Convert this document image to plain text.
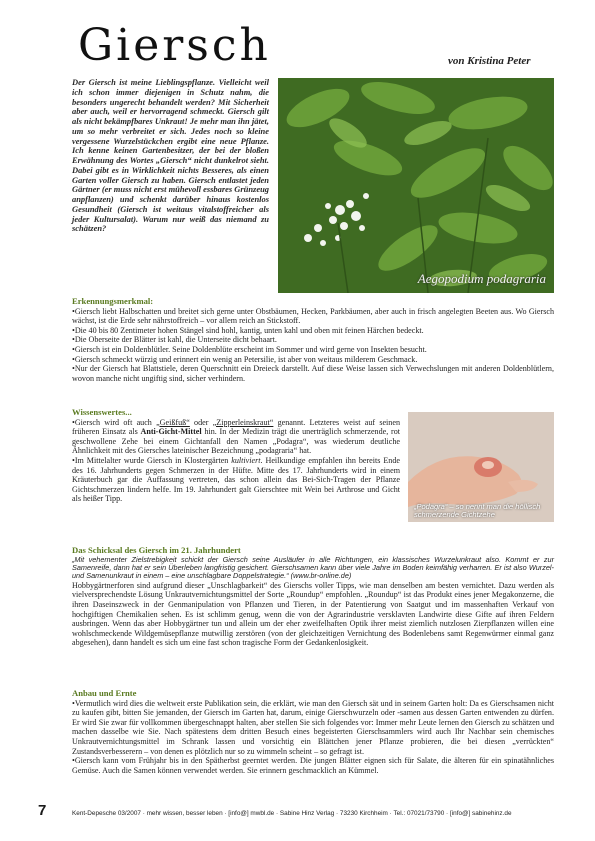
Giersch	von Kristina Peter
Der Giersch ist meine Lieblingspflanze. Vielleicht weil ich schon immer diejenigen in Schutz nahm, die besonders ungerecht behandelt werden? Mit Sicherheit aber auch, weil er hervorragend schmeckt. Giersch gilt als nicht bekämpfbares Unkraut! Je mehr man ihn jätet, um so mehr verbreitet er sich. Jedes noch so kleine vergessene Wurzelstückchen ergibt eine neue Pflanze. Ich kenne keinen Gartenbesitzer, der bei der bloßen Erwähnung des Wortes „Giersch“ nicht dunkelrot sieht. Dabei gibt es in Wirklichkeit nichts Besseres, als einen Garten voller Giersch zu haben. Giersch entlastet jeden Gärtner (er muss nicht erst mühevoll essbares Grünzeug anpflanzen) und schenkt darüber hinaus kostenlos Gesundheit (Giersch ist weitaus vitalstoffreicher als jeder Kultursalat). Warum nur weiß das niemand zu schätzen?
Aegopodium podagraria
Erkennungsmerkmal:

•Giersch liebt Halbschatten und breitet sich gerne unter Obstbäumen, Hecken, Parkbäumen, aber auch in frisch angelegten Beeten aus. Wo Giersch wächst, ist die Erde sehr nährstoffreich – vor allem reich an Stickstoff.

•Die 40 bis 80 Zentimeter hohen Stängel sind hohl, kantig, unten kahl und oben mit feinen Härchen bedeckt.

•Die Oberseite der Blätter ist kahl, die Unterseite dicht behaart.

•Giersch ist ein Doldenblütler. Seine Doldenblüte erscheint im Sommer und wird gerne von Insekten besucht.

•Giersch schmeckt würzig und erinnert ein wenig an Petersilie, ist aber von weitaus milderem Geschmack.

•Nur der Giersch hat Blattstiele, deren Querschnitt ein Dreieck darstellt. Auf diese Weise lassen sich Verwechslungen mit anderen Doldenblütlern, wovon manche nicht ungiftig sind, sicher verhindern.

Wissenswertes...

•Giersch wird oft auch „Geißfuß“ oder „Zipperleinskraut“ genannt. Letzteres weist auf seinen früheren Einsatz als Anti-Gicht-Mittel hin. In der Medizin trägt die unerträglich schmerzende, rot geschwollene Zehe bei einem Gichtanfall den Namen „Podagra“, was wiederum deutliche Ähnlichkeit mit des Giersches lateinischer Bezeichnung „podagraria“ hat.

•Im Mittelalter wurde Giersch in Klostergärten kultiviert. Heilkundige empfahlen ihn bereits Ende des 16. Jahrhunderts gegen Schmerzen in der Hüfte. Mitte des 17. Jahrhunderts wird in einem Kräuterbuch gar die Auffassung vertreten, das schon allein das Bei-Sich-Tragen der Pflanze Gichtschmerzen lindern helfe. Im 19. Jahrhundert galt Gierschtee mit Wein bei Arthrose und Gicht als heißer Tipp.

„Podagra“ – so nennt man die höllisch schmerzende Gichtzehe
Das Schicksal des Giersch im 21. Jahrhundert

„Mit vehementer Zielstrebigkeit schickt der Giersch seine Ausläufer in alle Richtungen, ein klassisches Wurzelunkraut also. Kommt er zur Samenreife, dann hat er sein Überleben langfristig gesichert. Gierschsamen kann über viele Jahre im Boden keimfähig verharren. Er ist also Wurzel- und Samenunkraut in einem – eine unschlagbare Doppelstrategie.“ (www.br-online.de)

Hobbygärtnerforen sind aufgrund dieser „Unschlagbarkeit“ des Gierschs voller Tipps, wie man denselben am besten vernichtet. Dazu werden als vielversprechendste Lösung Unkrautvernichtungsmittel der Sorte „Roundup“ empfohlen. „Roundup“ ist das Produkt eines jener Megakonzerne, die ihren Daseinszweck in der Genmanipulation von Pflanzen und Tieren, in der Patentierung von Saatgut und im massenhaften Verkauf von hochgiftigen Chemikalien sehen. Es ist schlimm genug, wenn die von der Agrarindustrie versklavten Landwirte diese Gifte auf ihren Feldern ausbringen. Wenn das aber Hobbygärtner tun und allein um der eher zweifelhaften Optik ihrer meist ziemlich nutzlosen Zierpflanzen willen eine wohlschmeckende Wildgemüsepflanze mutwillig zerstören (von der gleichzeitigen Vernichtung des Bodenlebens samt Regenwürmer einmal ganz abgesehen), dann handelt es sich um eine fast schon tragische Form der Gedankenlosigkeit.

Anbau und Ernte

•Vermutlich wird dies die weltweit erste Publikation sein, die erklärt, wie man den Giersch sät und in seinem Garten holt: Da es Gierschsamen nicht zu kaufen gibt, bitten Sie jemanden, der Giersch im Garten hat, darum, einige Gierschwurzeln oder -samen aus dessen Garten entwenden zu dürfen. Er wird Sie zwar für vollkommen übergeschnappt halten, aber stellen Sie sich folgendes vor: Immer mehr Leute lernen den Giersch zu schätzen und machen dasselbe wie Sie. Nach spätestens dem dritten Besuch eines begeisterten Gierschsammlers wird auch Ihr Nachbar sein chemisches Unkrautvernichtungsmittel im Schrank lassen und vorsichtig ein Blättchen jener Pflanze probieren, die bei diesen „verrückten“ Zustandsverbesserern – von denen es plötzlich nur so zu wimmeln scheint – so gefragt ist.

•Giersch kann vom Frühjahr bis in den Spätherbst geerntet werden. Die jungen Blätter eignen sich für Salate, die älteren für ein spinatähnliches Gemüse. Auch die Samen können verwendet werden. Sie erinnern geschmacklich an Kümmel.

7	Kent-Depesche 03/2007 · mehr wissen, besser leben · [info@] mwbl.de · Sabine Hinz Verlag · 73230 Kirchheim · Tel.: 07021/73790 · [info@] sabinehinz.de
